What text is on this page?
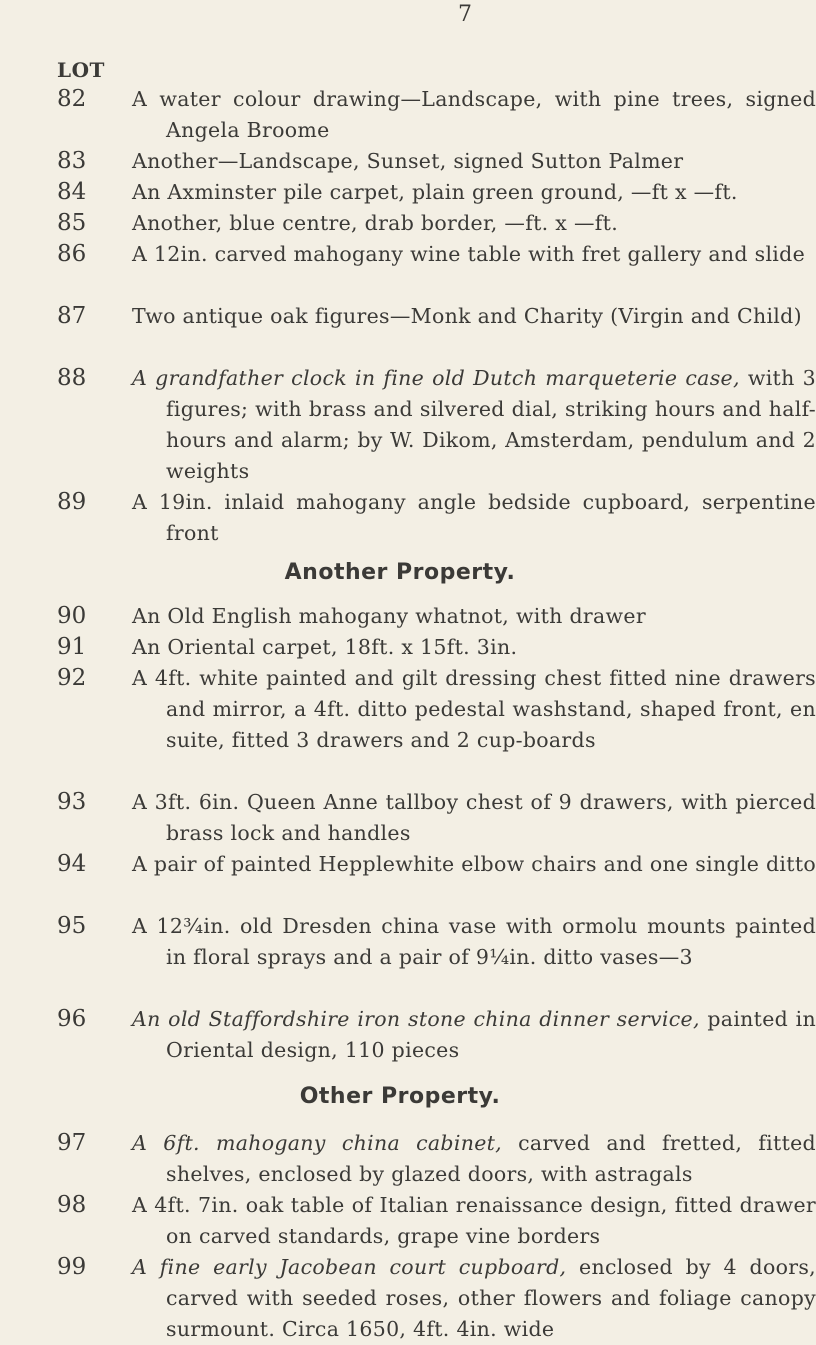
7
LOT
82 A water colour drawing—Landscape, with pine trees, signed Angela Broome
83 Another—Landscape, Sunset, signed Sutton Palmer
84 An Axminster pile carpet, plain green ground, —ft x —ft.
85 Another, blue centre, drab border, —ft. x —ft.
86 A 12in. carved mahogany wine table with fret gallery and slide
87 Two antique oak figures—Monk and Charity (Virgin and Child)
88 A grandfather clock in fine old Dutch marqueterie case, with 3 figures; with brass and silvered dial, striking hours and half-hours and alarm; by W. Dikom, Amsterdam, pendulum and 2 weights
89 A 19in. inlaid mahogany angle bedside cupboard, serpentine front
Another Property.
90 An Old English mahogany whatnot, with drawer
91 An Oriental carpet, 18ft. x 15ft. 3in.
92 A 4ft. white painted and gilt dressing chest fitted nine drawers and mirror, a 4ft. ditto pedestal washstand, shaped front, en suite, fitted 3 drawers and 2 cup-boards
93 A 3ft. 6in. Queen Anne tallboy chest of 9 drawers, with pierced brass lock and handles
94 A pair of painted Hepplewhite elbow chairs and one single ditto
95 A 12¾in. old Dresden china vase with ormolu mounts painted in floral sprays and a pair of 9¼in. ditto vases—3
96 An old Staffordshire iron stone china dinner service, painted in Oriental design, 110 pieces
Other Property.
97 A 6ft. mahogany china cabinet, carved and fretted, fitted shelves, enclosed by glazed doors, with astragals
98 A 4ft. 7in. oak table of Italian renaissance design, fitted drawer on carved standards, grape vine borders
99 A fine early Jacobean court cupboard, enclosed by 4 doors, carved with seeded roses, other flowers and foliage canopy surmount. Circa 1650, 4ft. 4in. wide
